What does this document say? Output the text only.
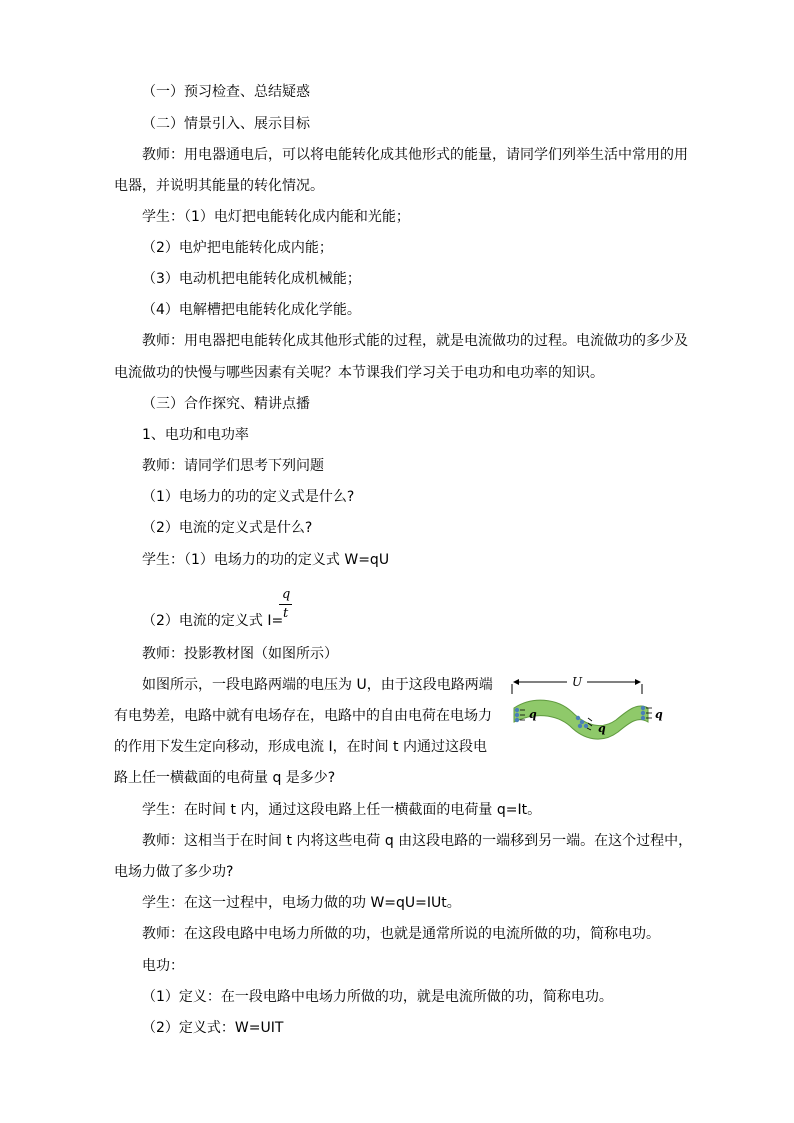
（一）预习检查、总结疑惑
（二）情景引入、展示目标
教师：用电器通电后，可以将电能转化成其他形式的能量，请同学们列举生活中常用的用
电器，并说明其能量的转化情况。
学生：（1）电灯把电能转化成内能和光能；
（2）电炉把电能转化成内能；
（3）电动机把电能转化成机械能；
（4）电解槽把电能转化成化学能。
教师：用电器把电能转化成其他形式能的过程，就是电流做功的过程。电流做功的多少及
电流做功的快慢与哪些因素有关呢？本节课我们学习关于电功和电功率的知识。
（三）合作探究、精讲点播
1、电功和电功率
教师：请同学们思考下列问题
（1）电场力的功的定义式是什么?
（2）电流的定义式是什么?
学生：（1）电场力的功的定义式 W=qU
（2）电流的定义式 I=
q
t
教师：投影教材图（如图所示）
如图所示，一段电路两端的电压为 U，由于这段电路两端
有电势差，电路中就有电场存在，电路中的自由电荷在电场力
的作用下发生定向移动，形成电流 I，在时间 t 内通过这段电
路上任一横截面的电荷量 q 是多少?
学生：在时间 t 内，通过这段电路上任一横截面的电荷量 q=It。
教师：这相当于在时间 t 内将这些电荷 q 由这段电路的一端移到另一端。在这个过程中，
电场力做了多少功?
学生：在这一过程中，电场力做的功 W=qU=IUt。
教师：在这段电路中电场力所做的功，也就是通常所说的电流所做的功，简称电功。
电功：
（1）定义：在一段电路中电场力所做的功，就是电流所做的功，简称电功。
（2）定义式：W=UIT
U
q
q
q
